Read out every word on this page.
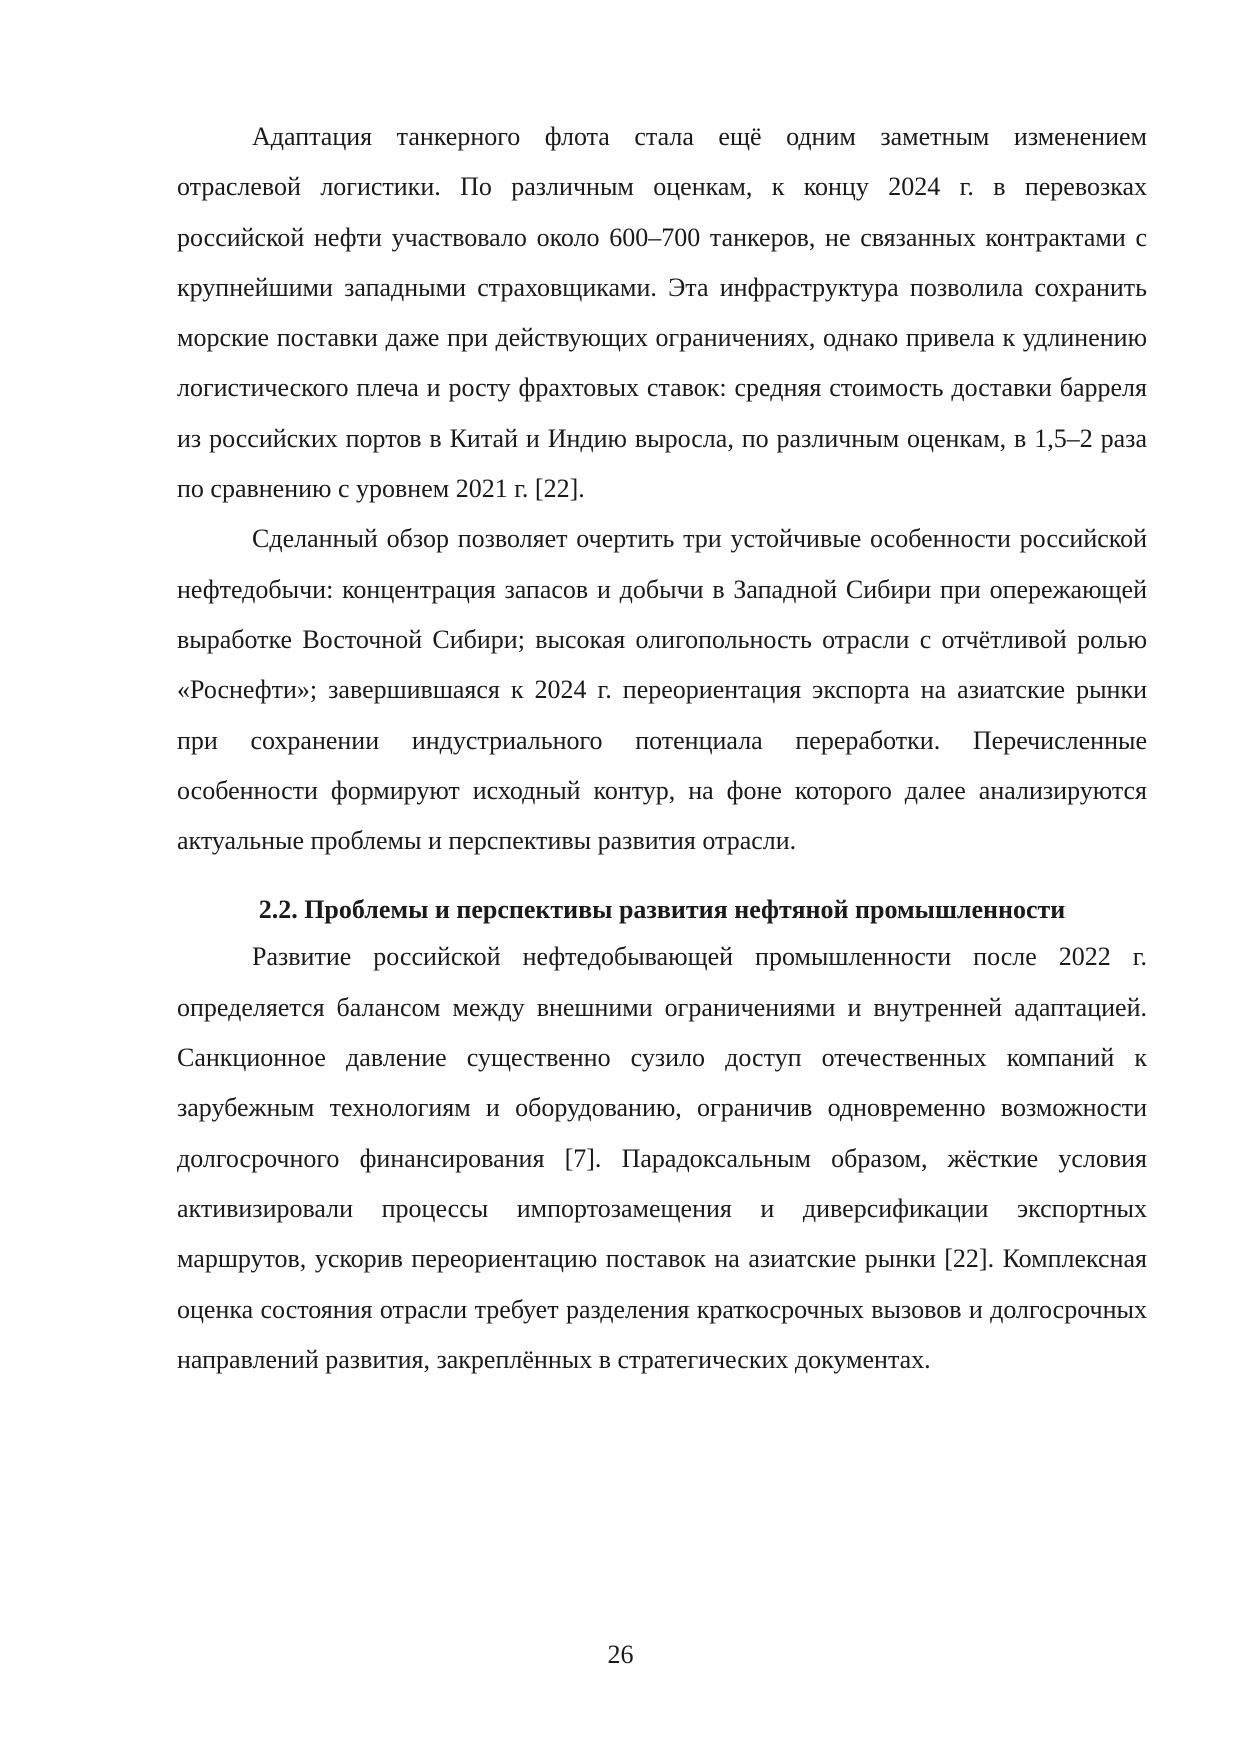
Адаптация танкерного флота стала ещё одним заметным изменением отраслевой логистики. По различным оценкам, к концу 2024 г. в перевозках российской нефти участвовало около 600–700 танкеров, не связанных контрактами с крупнейшими западными страховщиками. Эта инфраструктура позволила сохранить морские поставки даже при действующих ограничениях, однако привела к удлинению логистического плеча и росту фрахтовых ставок: средняя стоимость доставки барреля из российских портов в Китай и Индию выросла, по различным оценкам, в 1,5–2 раза по сравнению с уровнем 2021 г. [22].

Сделанный обзор позволяет очертить три устойчивые особенности российской нефтедобычи: концентрация запасов и добычи в Западной Сибири при опережающей выработке Восточной Сибири; высокая олигопольность отрасли с отчётливой ролью «Роснефти»; завершившаяся к 2024 г. переориентация экспорта на азиатские рынки при сохранении индустриального потенциала переработки. Перечисленные особенности формируют исходный контур, на фоне которого далее анализируются актуальные проблемы и перспективы развития отрасли.

2.2. Проблемы и перспективы развития нефтяной промышленности

Развитие российской нефтедобывающей промышленности после 2022 г. определяется балансом между внешними ограничениями и внутренней адаптацией. Санкционное давление существенно сузило доступ отечественных компаний к зарубежным технологиям и оборудованию, ограничив одновременно возможности долгосрочного финансирования [7]. Парадоксальным образом, жёсткие условия активизировали процессы импортозамещения и диверсификации экспортных маршрутов, ускорив переориентацию поставок на азиатские рынки [22]. Комплексная оценка состояния отрасли требует разделения краткосрочных вызовов и долгосрочных направлений развития, закреплённых в стратегических документах.

26
